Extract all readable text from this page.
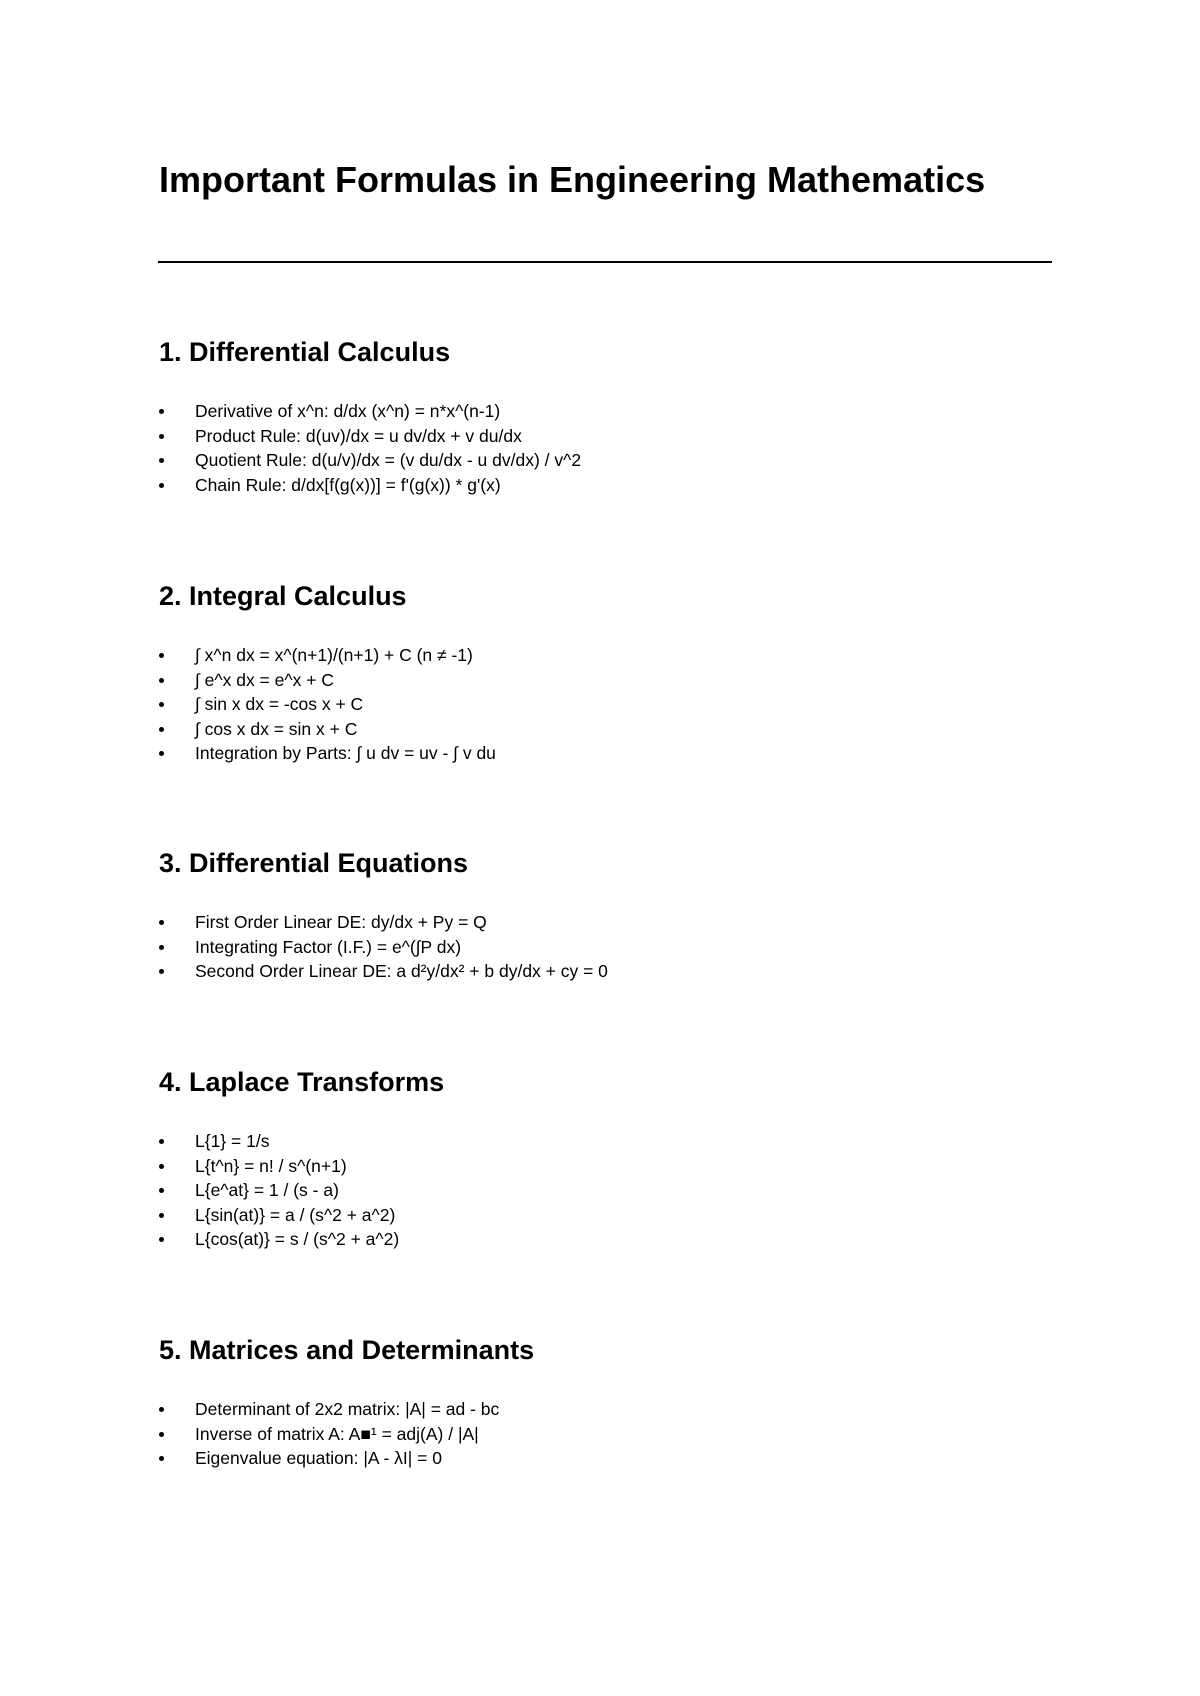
Important Formulas in Engineering Mathematics
1. Differential Calculus
Derivative of x^n: d/dx (x^n) = n*x^(n-1)
Product Rule: d(uv)/dx = u dv/dx + v du/dx
Quotient Rule: d(u/v)/dx = (v du/dx - u dv/dx) / v^2
Chain Rule: d/dx[f(g(x))] = f'(g(x)) * g'(x)
2. Integral Calculus
∫ x^n dx = x^(n+1)/(n+1) + C (n ≠ -1)
∫ e^x dx = e^x + C
∫ sin x dx = -cos x + C
∫ cos x dx = sin x + C
Integration by Parts: ∫ u dv = uv - ∫ v du
3. Differential Equations
First Order Linear DE: dy/dx + Py = Q
Integrating Factor (I.F.) = e^(∫P dx)
Second Order Linear DE: a d²y/dx² + b dy/dx + cy = 0
4. Laplace Transforms
L{1} = 1/s
L{t^n} = n! / s^(n+1)
L{e^at} = 1 / (s - a)
L{sin(at)} = a / (s^2 + a^2)
L{cos(at)} = s / (s^2 + a^2)
5. Matrices and Determinants
Determinant of 2x2 matrix: |A| = ad - bc
Inverse of matrix A: A■¹ = adj(A) / |A|
Eigenvalue equation: |A - λI| = 0
